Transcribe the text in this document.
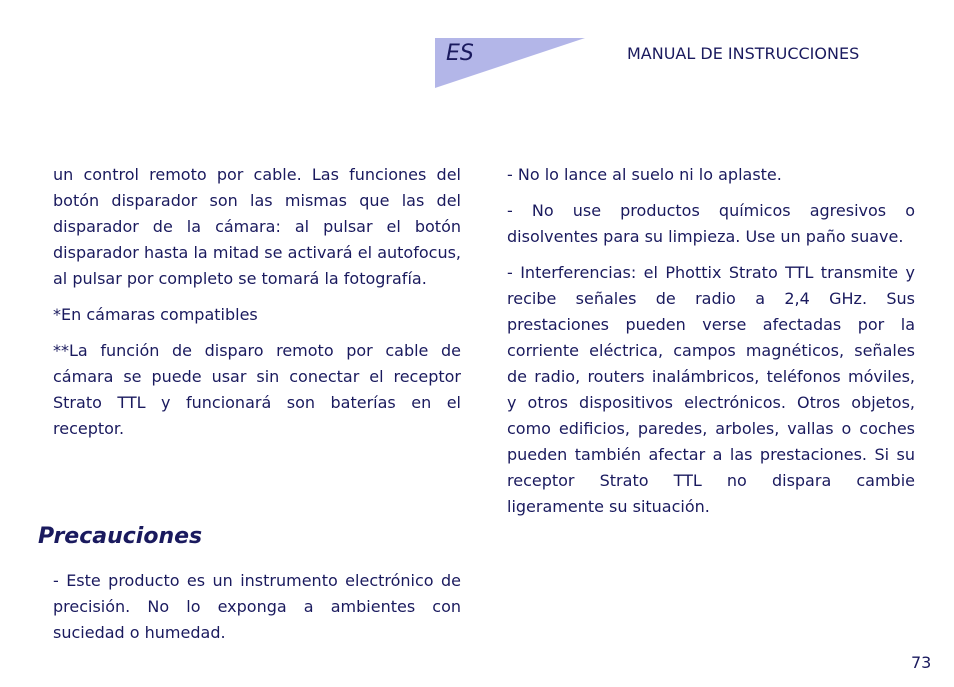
ES	MANUAL DE INSTRUCCIONES

un control remoto por cable. Las funciones del botón disparador son las mismas que las del disparador de la cámara: al pulsar el botón disparador hasta la mitad se activará el autofocus, al pulsar por completo se tomará la fotografía.

*En cámaras compatibles

**La función de disparo remoto por cable de cámara se puede usar sin conectar el receptor Strato TTL y funcionará son baterías en el receptor.

Precauciones

- Este producto es un instrumento electrónico de precisión. No lo exponga a ambientes con suciedad o humedad.

- No lo lance al suelo ni lo aplaste.

- No use productos químicos agresivos o disolventes para su limpieza. Use un paño suave.

- Interferencias: el Phottix Strato TTL transmite y recibe señales de radio a 2,4 GHz. Sus prestaciones pueden verse afectadas por la corriente eléctrica, campos magnéticos, señales de radio, routers inalámbricos, teléfonos móviles, y otros dispositivos electrónicos. Otros objetos, como edificios, paredes, arboles, vallas o coches pueden también afectar a las prestaciones. Si su receptor Strato TTL no dispara cambie ligeramente su situación.

73
